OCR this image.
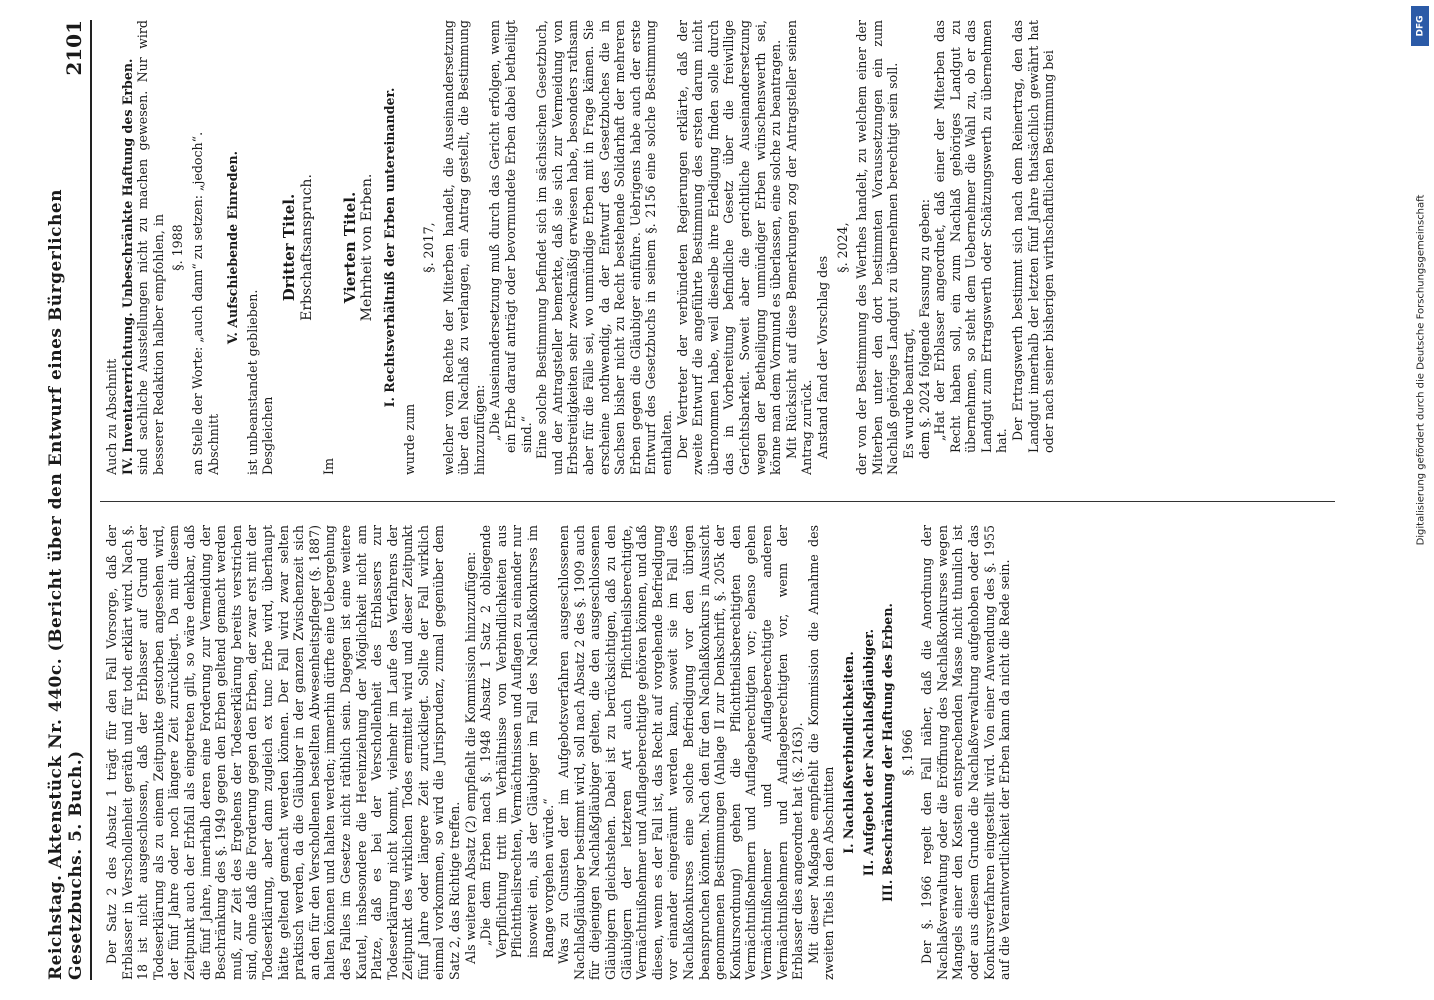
Reichstag. Aktenstück Nr. 440c. (Bericht über den Entwurf eines Bürgerlichen Gesetzbuchs. 5. Buch.)
2101

Der Satz 2 des Absatz 1 trägt für den Fall Vorsorge, daß der Erblasser in Verschollenheit geräth und für todt erklärt wird. Nach §. 18 ist nicht ausgeschlossen, daß der Erblasser auf Grund der Todeserklärung als zu einem Zeitpunkte gestorben angesehen wird, der fünf Jahre oder noch längere Zeit zurückliegt. Da mit diesem Zeitpunkt auch der Erbfall als eingetreten gilt, so wäre denkbar, daß die fünf Jahre, innerhalb deren eine Forderung zur Vermeidung der Beschränkung des §. 1949 gegen den Erben geltend gemacht werden muß, zur Zeit des Ergehens der Todeserklärung bereits verstrichen sind, ohne daß die Forderung gegen den Erben, der zwar erst mit der Todeserklärung, aber dann zugleich ex tunc Erbe wird, überhaupt hätte geltend gemacht werden können. Der Fall wird zwar selten praktisch werden, da die Gläubiger in der ganzen Zwischenzeit sich an den für den Verschollenen bestellten Abwesenheitspfleger (§. 1887) halten können und halten werden; immerhin dürfte eine Uebergehung des Falles im Gesetze nicht räthlich sein. Dagegen ist eine weitere Kautel, insbesondere die Hereinziehung der Möglichkeit nicht am Platze, daß es bei der Verschollenheit des Erblassers zur Todeserklärung nicht kommt, vielmehr im Laufe des Verfahrens der Zeitpunkt des wirklichen Todes ermittelt wird und dieser Zeitpunkt fünf Jahre oder längere Zeit zurückliegt. Sollte der Fall wirklich einmal vorkommen, so wird die Jurisprudenz, zumal gegenüber dem Satz 2, das Richtige treffen. Als weiteren Absatz (2) empfiehlt die Kommission hinzuzufügen: „Die dem Erben nach §. 1948 Absatz 1 Satz 2 obliegende Verpflichtung tritt im Verhältnisse von Verbindlichkeiten aus Pflichttheilsrechten, Vermächtnissen und Auflagen zu einander nur insoweit ein, als der Gläubiger im Fall des Nachlaßkonkurses im Range vorgehen würde.“ Was zu Gunsten der im Aufgebotsverfahren ausgeschlossenen Nachlaßgläubiger bestimmt wird, soll nach Absatz 2 des §. 1909 auch für diejenigen Nachlaßgläubiger gelten, die den ausgeschlossenen Gläubigern gleichstehen. Dabei ist zu berücksichtigen, daß zu den Gläubigern der letzteren Art auch Pflichttheilsberechtigte, Vermächtnißnehmer und Auflageberechtigte gehören können, und daß diesen, wenn es der Fall ist, das Recht auf vorgehende Befriedigung vor einander eingeräumt werden kann, soweit sie im Fall des Nachlaßkonkurses eine solche Befriedigung vor den übrigen beanspruchen könnten. Nach den für den Nachlaßkonkurs in Aussicht genommenen Bestimmungen (Anlage II zur Denkschrift, §. 205k der Konkursordnung) gehen die Pflichttheilsberechtigten den Vermächtnißnehmern und Auflageberechtigten vor; ebenso gehen Vermächtnißnehmer und Auflageberechtigte anderen Vermächtnißnehmern und Auflageberechtigten vor, wenn der Erblasser dies angeordnet hat (§. 2163). Mit dieser Maßgabe empfiehlt die Kommission die Annahme des zweiten Titels in den Abschnitten

I. Nachlaßverbindlichkeiten. II. Aufgebot der Nachlaßgläubiger. III. Beschränkung der Haftung des Erben. §. 1966 Der §. 1966 regelt den Fall näher, daß die Anordnung der Nachlaßverwaltung oder die Eröffnung des Nachlaßkonkurses wegen Mangels einer den Kosten entsprechenden Masse nicht thunlich ist oder aus diesem Grunde die Nachlaßverwaltung aufgehoben oder das Konkursverfahren eingestellt wird. Von einer Anwendung des §. 1955 auf die Verantwortlichkeit der Erben kann da nicht die Rede sein.

Auch zu Abschnitt IV. Inventarerrichtung. Unbeschränkte Haftung des Erben. sind sachliche Ausstellungen nicht zu machen gewesen. Nur wird besserer Redaktion halber empfohlen, in §. 1988 an Stelle der Worte: „auch dann“ zu setzen: „jedoch“. Abschnitt

V. Aufschiebende Einreden.

ist unbeanstandet geblieben. Desgleichen

Dritter Titel. Erbschaftsanspruch.

Im

Vierten Titel. Mehrheit von Erben. I. Rechtsverhältniß der Erben untereinander.

wurde zum

§. 2017, welcher vom Rechte der Miterben handelt, die Auseinandersetzung über den Nachlaß zu verlangen, ein Antrag gestellt, die Bestimmung hinzuzufügen: „Die Auseinandersetzung muß durch das Gericht erfolgen, wenn ein Erbe darauf anträgt oder bevormundete Erben dabei betheiligt sind.“ Eine solche Bestimmung befindet sich im sächsischen Gesetzbuch, und der Antragsteller bemerkte, daß sie sich zur Vermeidung von Erbstreitigkeiten sehr zweckmäßig erwiesen habe, besonders rathsam aber für die Fälle sei, wo unmündige Erben mit in Frage kämen. Sie erscheine nothwendig, da der Entwurf des Gesetzbuches die in Sachsen bisher nicht zu Recht bestehende Solidarhaft der mehreren Erben gegen die Gläubiger einführe. Uebrigens habe auch der erste Entwurf des Gesetzbuchs in seinem §. 2156 eine solche Bestimmung enthalten. Der Vertreter der verbündeten Regierungen erklärte, daß der zweite Entwurf die angeführte Bestimmung des ersten darum nicht übernommen habe, weil dieselbe ihre Erledigung finden solle durch das in Vorbereitung befindliche Gesetz über die freiwillige Gerichtsbarkeit. Soweit aber die gerichtliche Auseinandersetzung wegen der Betheiligung unmündiger Erben wünschenswerth sei, könne man dem Vormund es überlassen, eine solche zu beantragen. Mit Rücksicht auf diese Bemerkungen zog der Antragsteller seinen Antrag zurück. Anstand fand der Vorschlag des

§. 2024, der von der Bestimmung des Werthes handelt, zu welchem einer der Miterben unter den dort bestimmten Voraussetzungen ein zum Nachlaß gehöriges Landgut zu übernehmen berechtigt sein soll. Es wurde beantragt, dem §. 2024 folgende Fassung zu geben: „Hat der Erblasser angeordnet, daß einer der Miterben das Recht haben soll, ein zum Nachlaß gehöriges Landgut zu übernehmen, so steht dem Uebernehmer die Wahl zu, ob er das Landgut zum Ertragswerth oder Schätzungswerth zu übernehmen hat. Der Ertragswerth bestimmt sich nach dem Reinertrag, den das Landgut innerhalb der letzten fünf Jahre thatsächlich gewährt hat oder nach seiner bisherigen wirthschaftlichen Bestimmung bei

DFG
Digitalisierung gefördert durch die Deutsche Forschungsgemeinschaft
